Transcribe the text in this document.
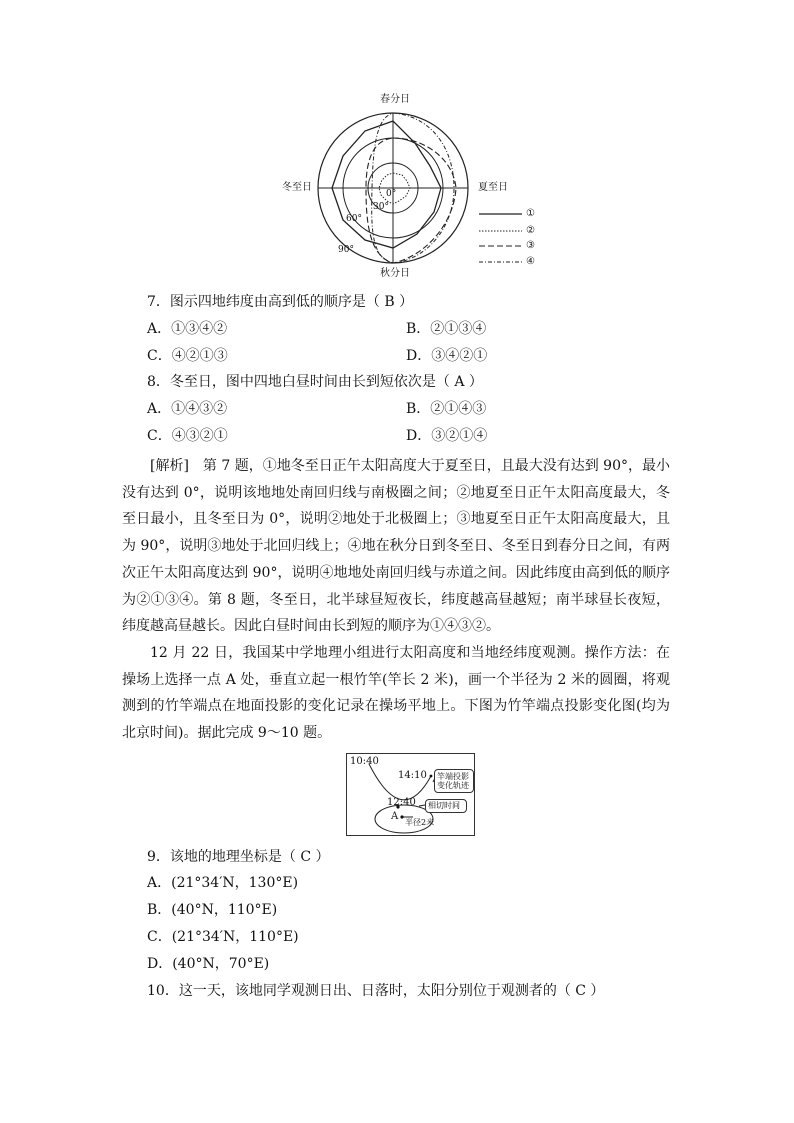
春分日
秋分日
冬至日	夏至日
0°
30°
60°
90°
①
②
③
④
7．图示四地纬度由高到低的顺序是（ B ）
A．①③④②	B．②①③④
C．④②①③	D．③④②①
8．冬至日，图中四地白昼时间由长到短依次是（ A ）
A．①④③②	B．②①④③
C．④③②①	D．③②①④
[解析]　第 7 题，①地冬至日正午太阳高度大于夏至日，且最大没有达到 90°，最小没有达到 0°，说明该地地处南回归线与南极圈之间；②地夏至日正午太阳高度最大，冬至日最小，且冬至日为 0°，说明②地处于北极圈上；③地夏至日正午太阳高度最大，且为 90°，说明③地处于北回归线上；④地在秋分日到冬至日、冬至日到春分日之间，有两次正午太阳高度达到 90°，说明④地地处南回归线与赤道之间。因此纬度由高到低的顺序为②①③④。第 8 题，冬至日，北半球昼短夜长，纬度越高昼越短；南半球昼长夜短，纬度越高昼越长。因此白昼时间由长到短的顺序为①④③②。
12 月 22 日，我国某中学地理小组进行太阳高度和当地经纬度观测。操作方法：在操场上选择一点 A 处，垂直立起一根竹竿(竿长 2 米)，画一个半径为 2 米的圆圈，将观测到的竹竿端点在地面投影的变化记录在操场平地上。下图为竹竿端点投影变化图(均为北京时间)。据此完成 9～10 题。
10:40
14:10
12:40
A
竿端投影
变化轨迹
相切时间
半径2米
9．该地的地理坐标是（ C ）
A．(21°34′N，130°E)
B．(40°N，110°E)
C．(21°34′N，110°E)
D．(40°N，70°E)
10．这一天，该地同学观测日出、日落时，太阳分别位于观测者的（ C ）
